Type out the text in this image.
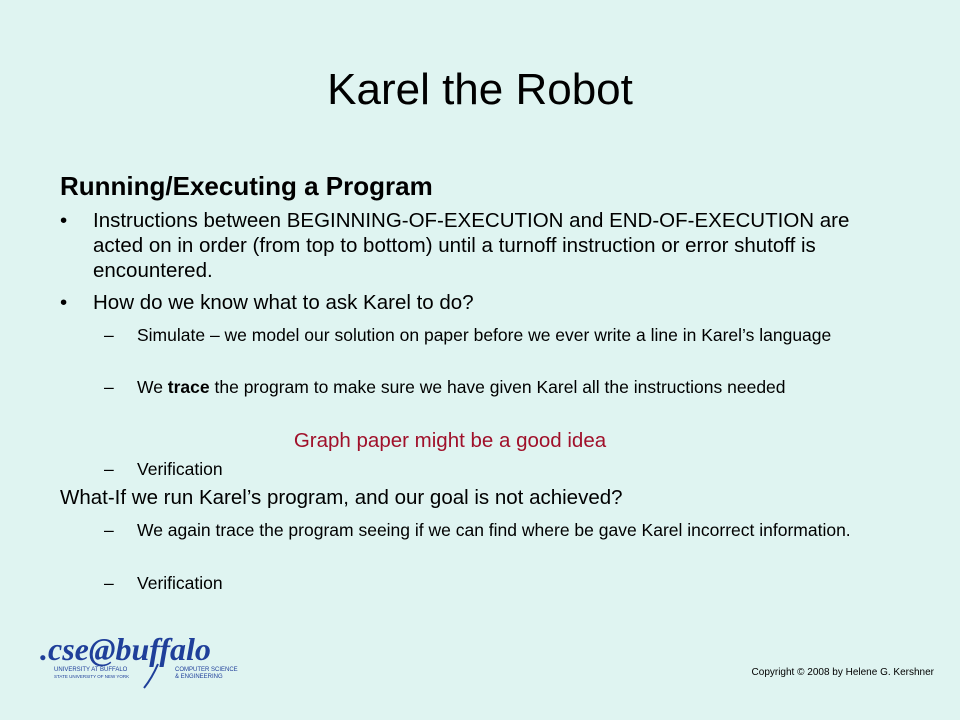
Karel the Robot
Running/Executing a Program
• Instructions between BEGINNING-OF-EXECUTION and END-OF-EXECUTION are acted on in order (from top to bottom) until a turnoff instruction or error shutoff is encountered.
• How do we know what to ask Karel to do?
– Simulate – we model our solution on paper before we ever write a line in Karel’s language
– We trace the program to make sure we have given Karel all the instructions needed
Graph paper might be a good idea
– Verification
What-If we run Karel’s program, and our goal is not achieved?
– We again trace the program seeing if we can find where be gave Karel incorrect information.
– Verification
.cse@buffalo
UNIVERSITY AT BUFFALO
STATE UNIVERSITY OF NEW YORK
COMPUTER SCIENCE
& ENGINEERING	Copyright © 2008 by Helene G. Kershner
